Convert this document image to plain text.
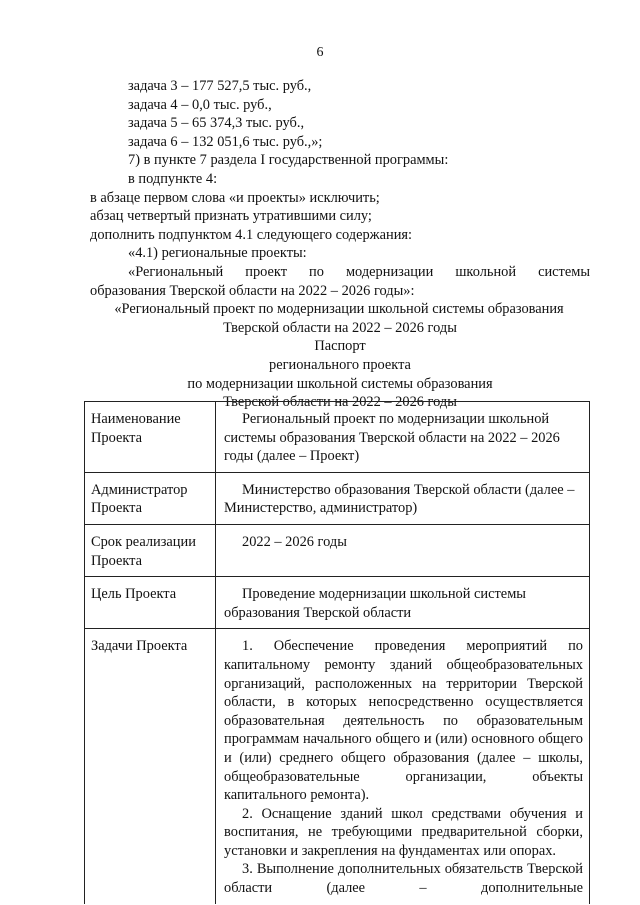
6
задача 3 – 177 527,5 тыс. руб.,
задача 4 – 0,0 тыс. руб.,
задача 5 – 65 374,3 тыс. руб.,
задача 6 – 132 051,6 тыс. руб.,»;
7) в пункте 7 раздела I государственной программы:
в подпункте 4:
в абзаце первом слова «и проекты» исключить;
абзац четвертый признать утратившими силу;
дополнить подпунктом 4.1 следующего содержания:
«4.1) региональные проекты:
«Региональный проект по модернизации школьной системы
образования Тверской области на 2022 – 2026 годы»:
«Региональный проект по модернизации школьной системы образования
Тверской области на 2022 – 2026 годы
Паспорт
регионального проекта
по модернизации школьной системы образования
Тверской области на 2022 – 2026 годы
Наименование Проекта	Региональный проект по модернизации школьной системы образования Тверской области на 2022 – 2026 годы (далее – Проект)

Администратор Проекта	Министерство образования Тверской области (далее – Министерство, администратор)

Срок реализации Проекта	2022 – 2026 годы

Цель Проекта	Проведение модернизации школьной системы образования Тверской области

Задачи Проекта	1. Обеспечение проведения мероприятий по капитальному ремонту зданий общеобразовательных организаций, расположенных на территории Тверской области, в которых непосредственно осуществляется образовательная деятельность по образовательным программам начального общего и (или) основного общего и (или) среднего общего образования (далее – школы, общеобразовательные организации, объекты капитального ремонта).
2. Оснащение зданий школ средствами обучения и воспитания, не требующими предварительной сборки, установки и закрепления на фундаментах или опорах.
3. Выполнение дополнительных обязательств Тверской области (далее – дополнительные
